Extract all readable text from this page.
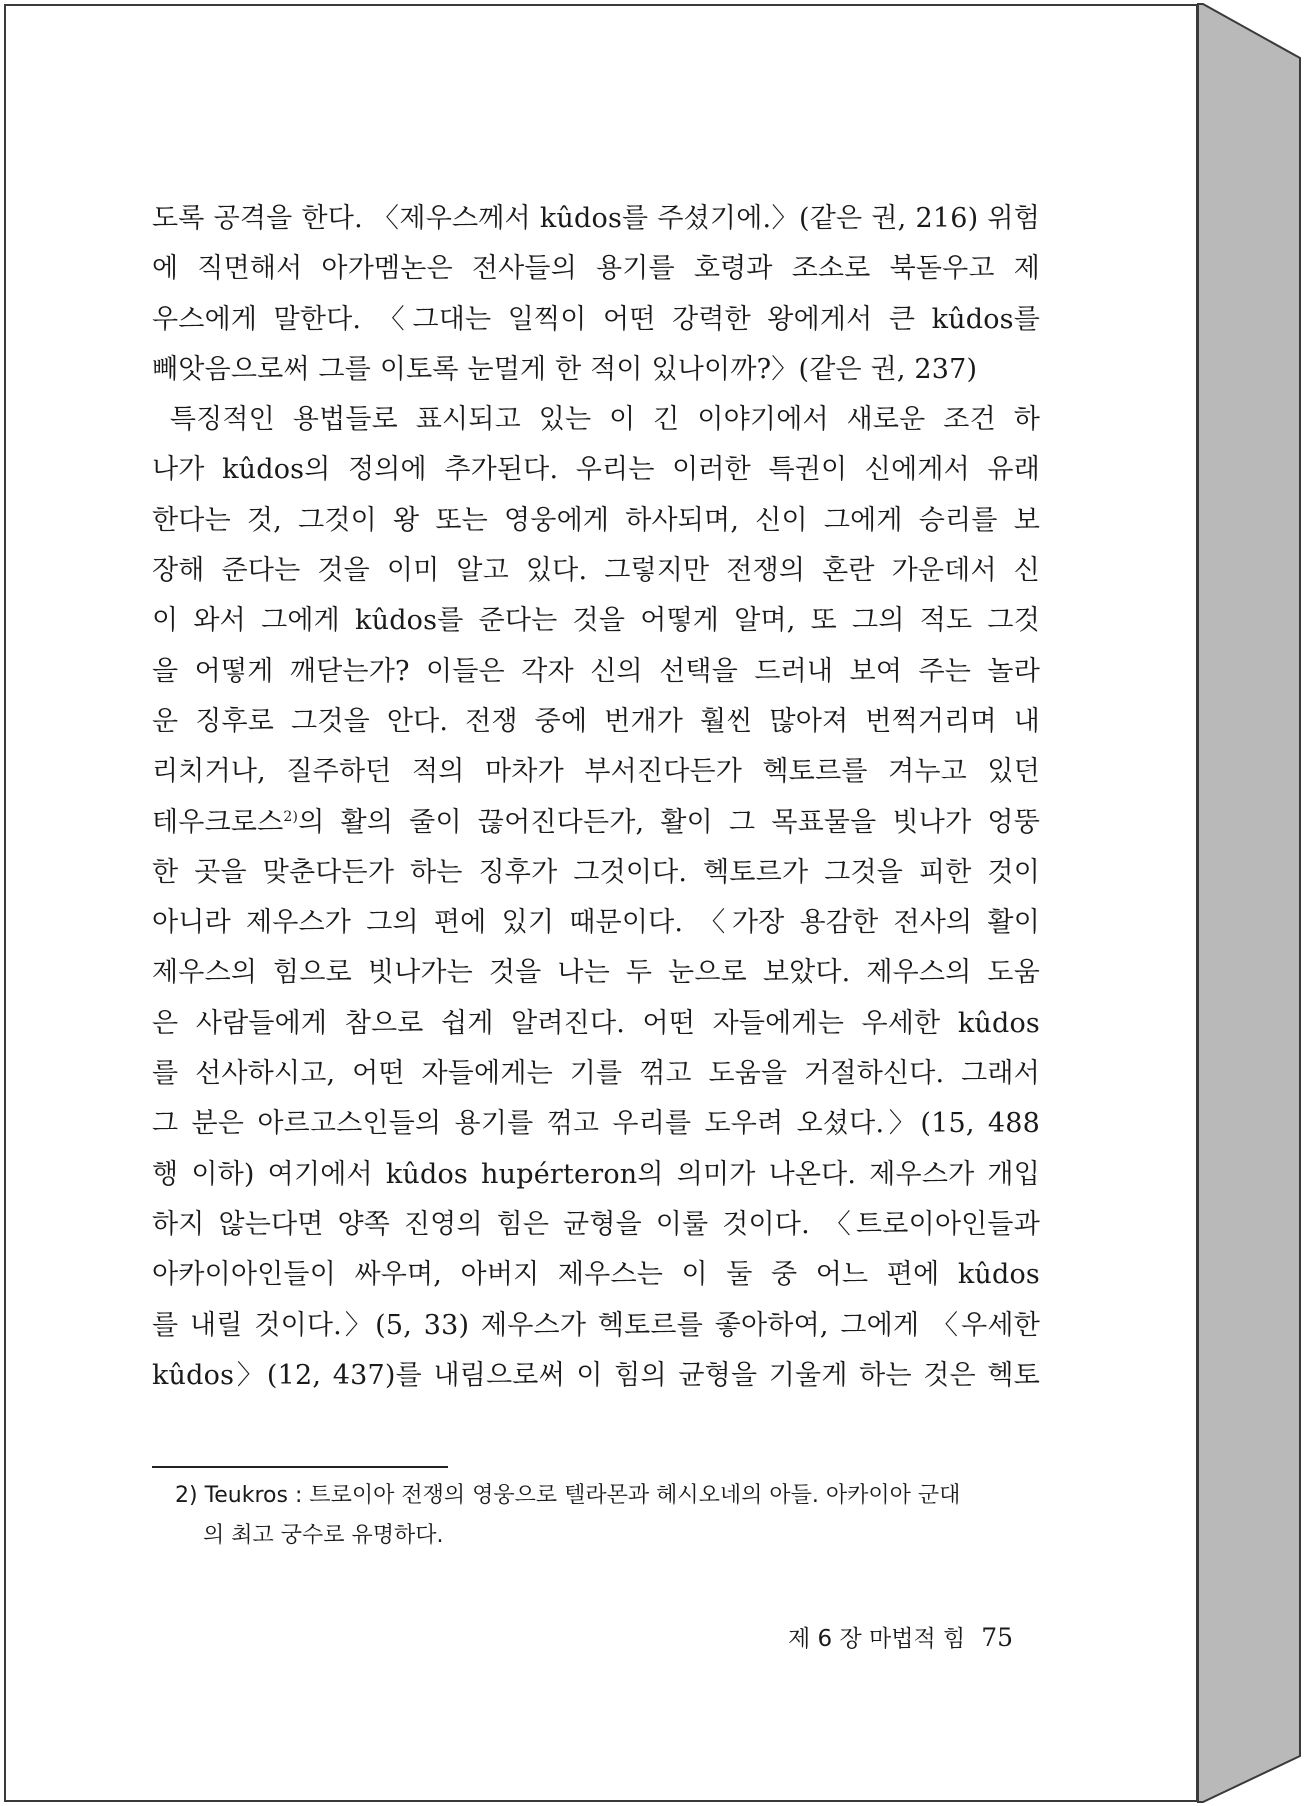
도록 공격을 한다. 〈제우스께서 kûdos를 주셨기에.〉(같은 권, 216) 위험
에 직면해서 아가멤논은 전사들의 용기를 호령과 조소로 북돋우고 제
우스에게 말한다. 〈그대는 일찍이 어떤 강력한 왕에게서 큰 kûdos를
빼앗음으로써 그를 이토록 눈멀게 한 적이 있나이까?〉(같은 권, 237)
특징적인 용법들로 표시되고 있는 이 긴 이야기에서 새로운 조건 하
나가 kûdos의 정의에 추가된다. 우리는 이러한 특권이 신에게서 유래
한다는 것, 그것이 왕 또는 영웅에게 하사되며, 신이 그에게 승리를 보
장해 준다는 것을 이미 알고 있다. 그렇지만 전쟁의 혼란 가운데서 신
이 와서 그에게 kûdos를 준다는 것을 어떻게 알며, 또 그의 적도 그것
을 어떻게 깨닫는가? 이들은 각자 신의 선택을 드러내 보여 주는 놀라
운 징후로 그것을 안다. 전쟁 중에 번개가 훨씬 많아져 번쩍거리며 내
리치거나, 질주하던 적의 마차가 부서진다든가 헥토르를 겨누고 있던
테우크로스$^{2)}$의 활의 줄이 끊어진다든가, 활이 그 목표물을 빗나가 엉뚱
한 곳을 맞춘다든가 하는 징후가 그것이다. 헥토르가 그것을 피한 것이
아니라 제우스가 그의 편에 있기 때문이다. 〈가장 용감한 전사의 활이
제우스의 힘으로 빗나가는 것을 나는 두 눈으로 보았다. 제우스의 도움
은 사람들에게 참으로 쉽게 알려진다. 어떤 자들에게는 우세한 kûdos
를 선사하시고, 어떤 자들에게는 기를 꺾고 도움을 거절하신다. 그래서
그 분은 아르고스인들의 용기를 꺾고 우리를 도우려 오셨다.〉(15, 488
행 이하) 여기에서 kûdos hupérteron의 의미가 나온다. 제우스가 개입
하지 않는다면 양쪽 진영의 힘은 균형을 이룰 것이다. 〈트로이아인들과
아카이아인들이 싸우며, 아버지 제우스는 이 둘 중 어느 편에 kûdos
를 내릴 것이다.〉(5, 33) 제우스가 헥토르를 좋아하여, 그에게 〈우세한
kûdos〉(12, 437)를 내림으로써 이 힘의 균형을 기울게 하는 것은 헥토
2) Teukros : 트로이아 전쟁의 영웅으로 텔라몬과 헤시오네의 아들. 아카이아 군대
의 최고 궁수로 유명하다.
제 6 장 마법적 힘 75
